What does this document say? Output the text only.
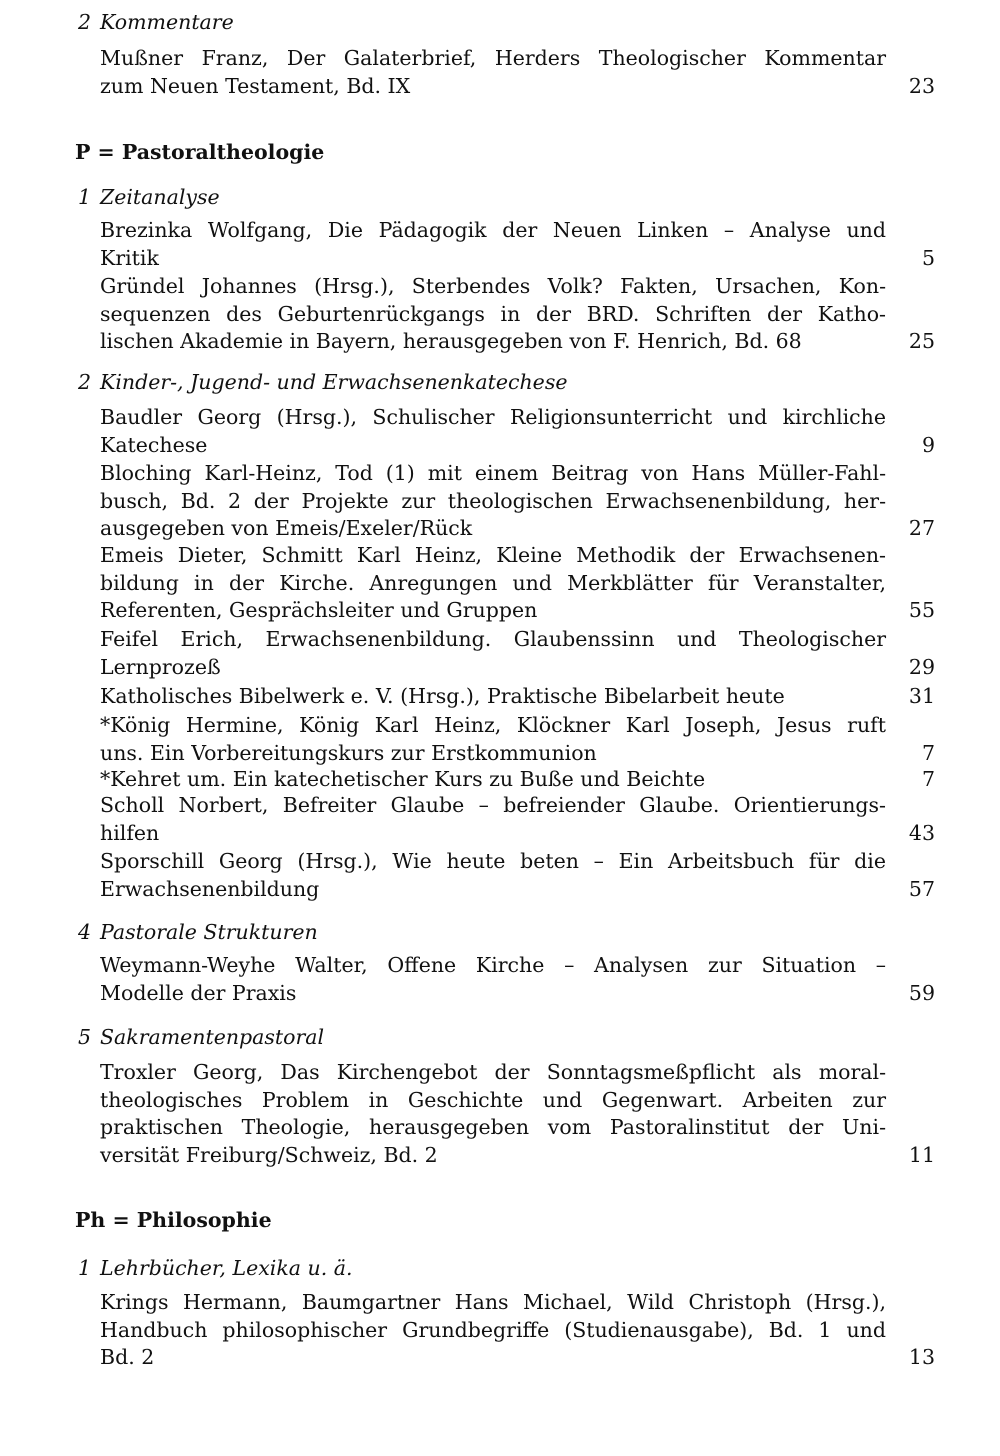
2 Kommentare
Mußner Franz, Der Galaterbrief, Herders Theologischer Kommentar
zum Neuen Testament, Bd. IX	23
P = Pastoraltheologie
1 Zeitanalyse
Brezinka Wolfgang, Die Pädagogik der Neuen Linken – Analyse und
Kritik	5
Gründel Johannes (Hrsg.), Sterbendes Volk? Fakten, Ursachen, Kon-
sequenzen des Geburtenrückgangs in der BRD. Schriften der Katho-
lischen Akademie in Bayern, herausgegeben von F. Henrich, Bd. 68	25
2 Kinder-, Jugend- und Erwachsenenkatechese
Baudler Georg (Hrsg.), Schulischer Religionsunterricht und kirchliche
Katechese	9
Bloching Karl-Heinz, Tod (1) mit einem Beitrag von Hans Müller-Fahl-
busch, Bd. 2 der Projekte zur theologischen Erwachsenenbildung, her-
ausgegeben von Emeis/Exeler/Rück	27
Emeis Dieter, Schmitt Karl Heinz, Kleine Methodik der Erwachsenen-
bildung in der Kirche. Anregungen und Merkblätter für Veranstalter,
Referenten, Gesprächsleiter und Gruppen	55
Feifel Erich, Erwachsenenbildung. Glaubenssinn und Theologischer
Lernprozeß	29
Katholisches Bibelwerk e. V. (Hrsg.), Praktische Bibelarbeit heute	31
*König Hermine, König Karl Heinz, Klöckner Karl Joseph, Jesus ruft
uns. Ein Vorbereitungskurs zur Erstkommunion	7
*Kehret um. Ein katechetischer Kurs zu Buße und Beichte	7
Scholl Norbert, Befreiter Glaube – befreiender Glaube. Orientierungs-
hilfen	43
Sporschill Georg (Hrsg.), Wie heute beten – Ein Arbeitsbuch für die
Erwachsenenbildung	57
4 Pastorale Strukturen
Weymann-Weyhe Walter, Offene Kirche – Analysen zur Situation –
Modelle der Praxis	59
5 Sakramentenpastoral
Troxler Georg, Das Kirchengebot der Sonntagsmeßpflicht als moral-
theologisches Problem in Geschichte und Gegenwart. Arbeiten zur
praktischen Theologie, herausgegeben vom Pastoralinstitut der Uni-
versität Freiburg/Schweiz, Bd. 2	11
Ph = Philosophie
1 Lehrbücher, Lexika u. ä.
Krings Hermann, Baumgartner Hans Michael, Wild Christoph (Hrsg.),
Handbuch philosophischer Grundbegriffe (Studienausgabe), Bd. 1 und
Bd. 2	13
